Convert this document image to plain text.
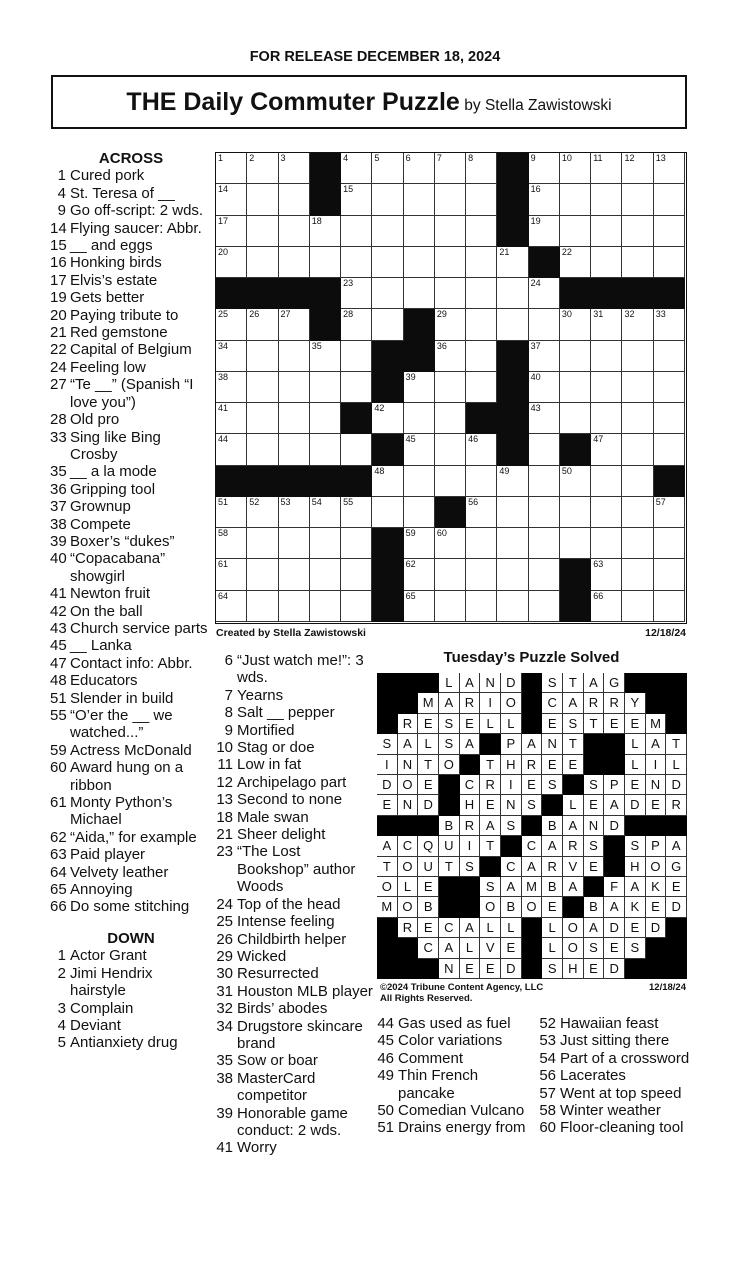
FOR RELEASE DECEMBER 18, 2024
THE Daily Commuter Puzzle by Stella Zawistowski
ACROSS
1 Cured pork
4 St. Teresa of __
9 Go off-script: 2 wds.
14 Flying saucer: Abbr.
15 __ and eggs
16 Honking birds
17 Elvis’s estate
19 Gets better
20 Paying tribute to
21 Red gemstone
22 Capital of Belgium
24 Feeling low
27 “Te __” (Spanish “I love you”)
28 Old pro
33 Sing like Bing Crosby
35 __ a la mode
36 Gripping tool
37 Grownup
38 Compete
39 Boxer’s “dukes”
40 “Copacabana” showgirl
41 Newton fruit
42 On the ball
43 Church service parts
45 __ Lanka
47 Contact info: Abbr.
48 Educators
51 Slender in build
55 “O’er the __ we watched...”
59 Actress McDonald
60 Award hung on a ribbon
61 Monty Python’s Michael
62 “Aida,” for example
63 Paid player
64 Velvety leather
65 Annoying
66 Do some stitching
DOWN
1 Actor Grant
2 Jimi Hendrix hairstyle
3 Complain
4 Deviant
5 Antianxiety drug
1	2	3	4	5	6	7	8	9	10 11 12 13
14	15	16
17	18	19
20	21	22
23	24
25 26 27	28	29	30 31 32 33
34	35	36	37
38	39	40
41	42	43
44	45	46	47
48	49	50
51 52 53 54 55	56	57
58	59 60
61	62	63
64	65	66
Created by Stella Zawistowski	12/18/24
6 “Just watch me!”: 3 wds.
7 Yearns
8 Salt __ pepper
9 Mortified
10 Stag or doe
11 Low in fat
12 Archipelago part
13 Second to none
18 Male swan
21 Sheer delight
23 “The Lost Bookshop” author Woods
24 Top of the head
25 Intense feeling
26 Childbirth helper
29 Wicked
30 Resurrected
31 Houston MLB player
32 Birds’ abodes
34 Drugstore skincare brand
35 Sow or boar
38 MasterCard competitor
39 Honorable game conduct: 2 wds.
41 Worry
Tuesday’s Puzzle Solved
L A N D	S T A G
M A R	I	O	C A R R Y
R E S E L	L	E S T E E M
S A L S A	P A N T	L A T
I	N T O	T H R E E	L	I	L
D O E	C R	I	E S	S P E N D
E N D	H E N S	L E A D E R
B R A S	B A N D
A C Q U	I	T	C A R S	S P A
T O U T S	C A R V E	H O G
O L E	S A M B A	F A K E
M O B	O B O E	B A K E D
R E C A L	L	L O A D E D
C A L V E	L O S E S
N E E D	S H E D
©2024 Tribune Content Agency, LLC
All Rights Reserved.
12/18/24
44 Gas used as fuel
45 Color variations
46 Comment
49 Thin French pancake
50 Comedian Vulcano
51 Drains energy from
52 Hawaiian feast
53 Just sitting there
54 Part of a crossword
56 Lacerates
57 Went at top speed
58 Winter weather
60 Floor-cleaning tool
